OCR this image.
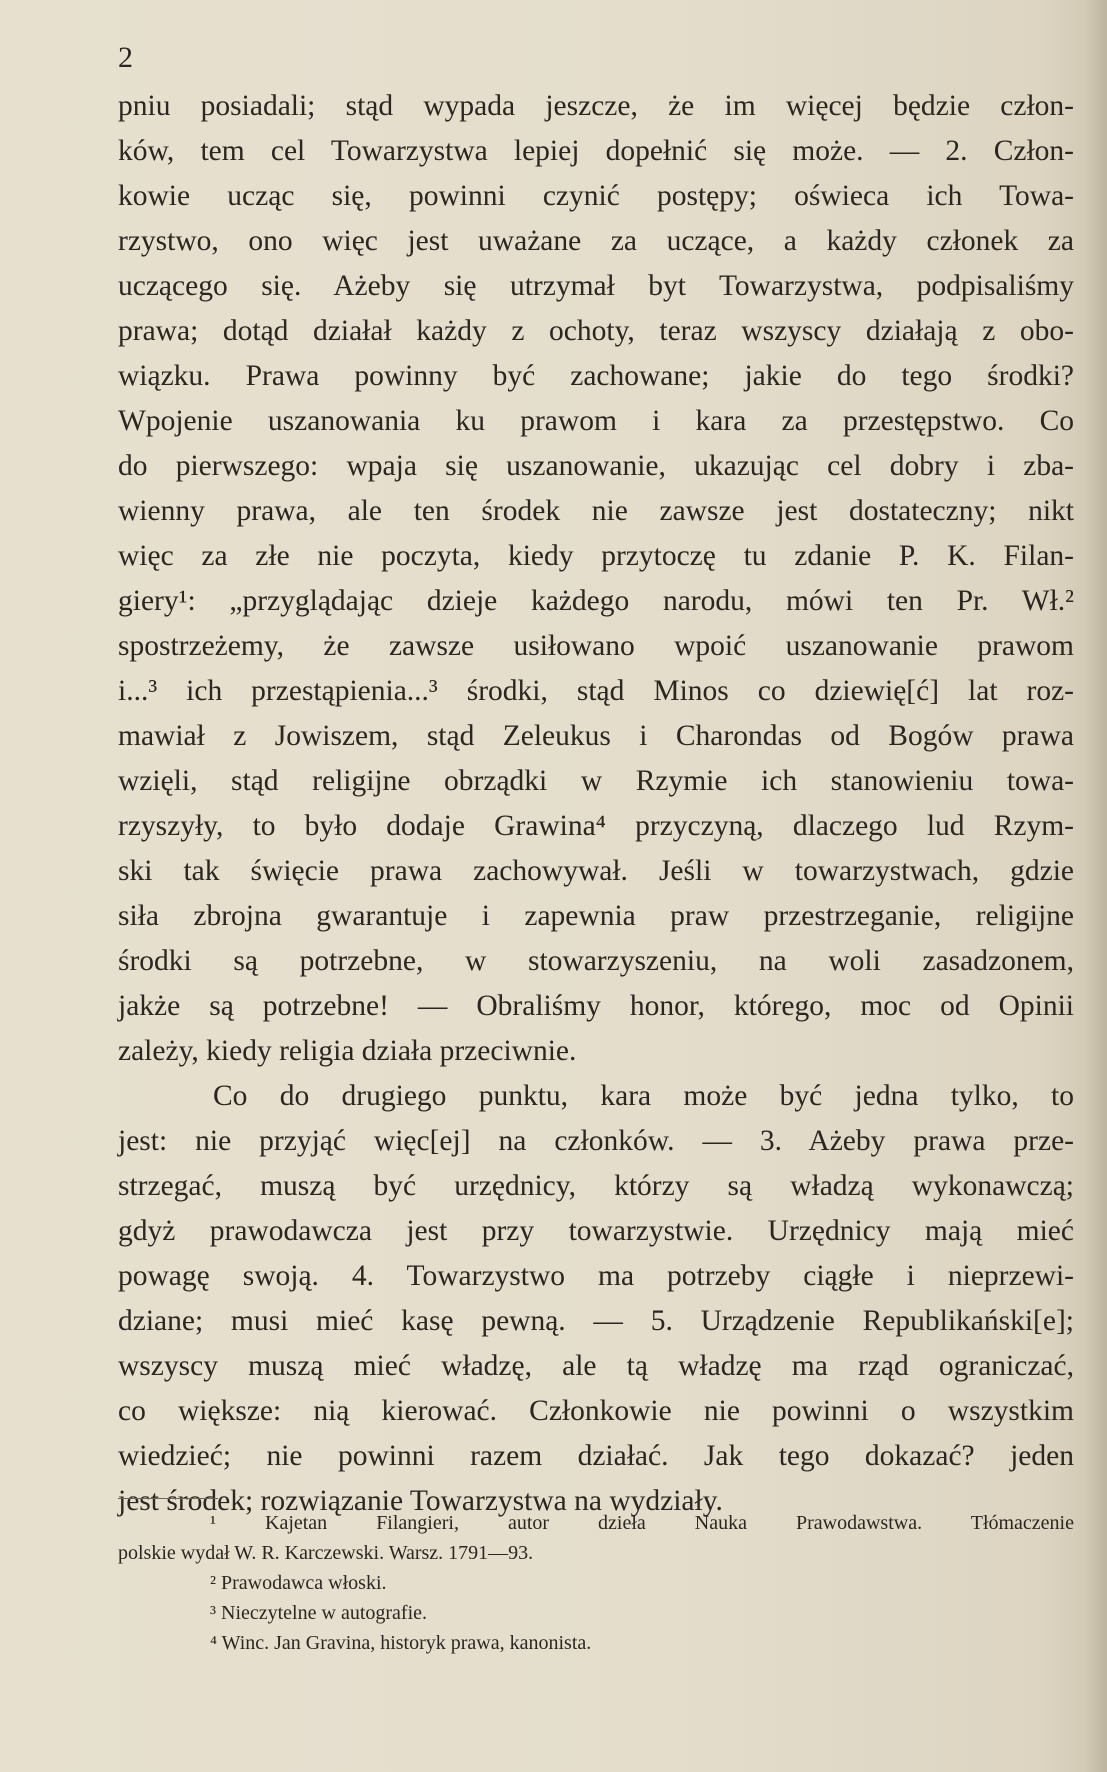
2
pniu posiadali; stąd wypada jeszcze, że im więcej będzie człon-
ków, tem cel Towarzystwa lepiej dopełnić się może. — 2. Człon-
kowie ucząc się, powinni czynić postępy; oświeca ich Towa-
rzystwo, ono więc jest uważane za uczące, a każdy członek za
uczącego się. Ażeby się utrzymał byt Towarzystwa, podpisaliśmy
prawa; dotąd działał każdy z ochoty, teraz wszyscy działają z obo-
wiązku. Prawa powinny być zachowane; jakie do tego środki?
Wpojenie uszanowania ku prawom i kara za przestępstwo. Co
do pierwszego: wpaja się uszanowanie, ukazując cel dobry i zba-
wienny prawa, ale ten środek nie zawsze jest dostateczny; nikt
więc za złe nie poczyta, kiedy przytoczę tu zdanie P. K. Filan-
giery¹: „przyglądając dzieje każdego narodu, mówi ten Pr. Wł.²
spostrzeżemy, że zawsze usiłowano wpoić uszanowanie prawom
i...³ ich przestąpienia...³ środki, stąd Minos co dziewię[ć] lat roz-
mawiał z Jowiszem, stąd Zeleukus i Charondas od Bogów prawa
wzięli, stąd religijne obrządki w Rzymie ich stanowieniu towa-
rzyszyły, to było dodaje Grawina⁴ przyczyną, dlaczego lud Rzym-
ski tak święcie prawa zachowywał. Jeśli w towarzystwach, gdzie
siła zbrojna gwarantuje i zapewnia praw przestrzeganie, religijne
środki są potrzebne, w stowarzyszeniu, na woli zasadzonem,
jakże są potrzebne! — Obraliśmy honor, którego, moc od Opinii
zależy, kiedy religia działa przeciwnie.
Co do drugiego punktu, kara może być jedna tylko, to
jest: nie przyjąć więc[ej] na członków. — 3. Ażeby prawa prze-
strzegać, muszą być urzędnicy, którzy są władzą wykonawczą;
gdyż prawodawcza jest przy towarzystwie. Urzędnicy mają mieć
powagę swoją. 4. Towarzystwo ma potrzeby ciągłe i nieprzewi-
dziane; musi mieć kasę pewną. — 5. Urządzenie Republikański[e];
wszyscy muszą mieć władzę, ale tą władzę ma rząd ograniczać,
co większe: nią kierować. Członkowie nie powinni o wszystkim
wiedzieć; nie powinni razem działać. Jak tego dokazać? jeden
jest środek; rozwiązanie Towarzystwa na wydziały.
¹ Kajetan Filangieri, autor dzieła Nauka Prawodawstwa. Tłómaczenie
polskie wydał W. R. Karczewski. Warsz. 1791—93.
² Prawodawca włoski.
³ Nieczytelne w autografie.
⁴ Winc. Jan Gravina, historyk prawa, kanonista.
